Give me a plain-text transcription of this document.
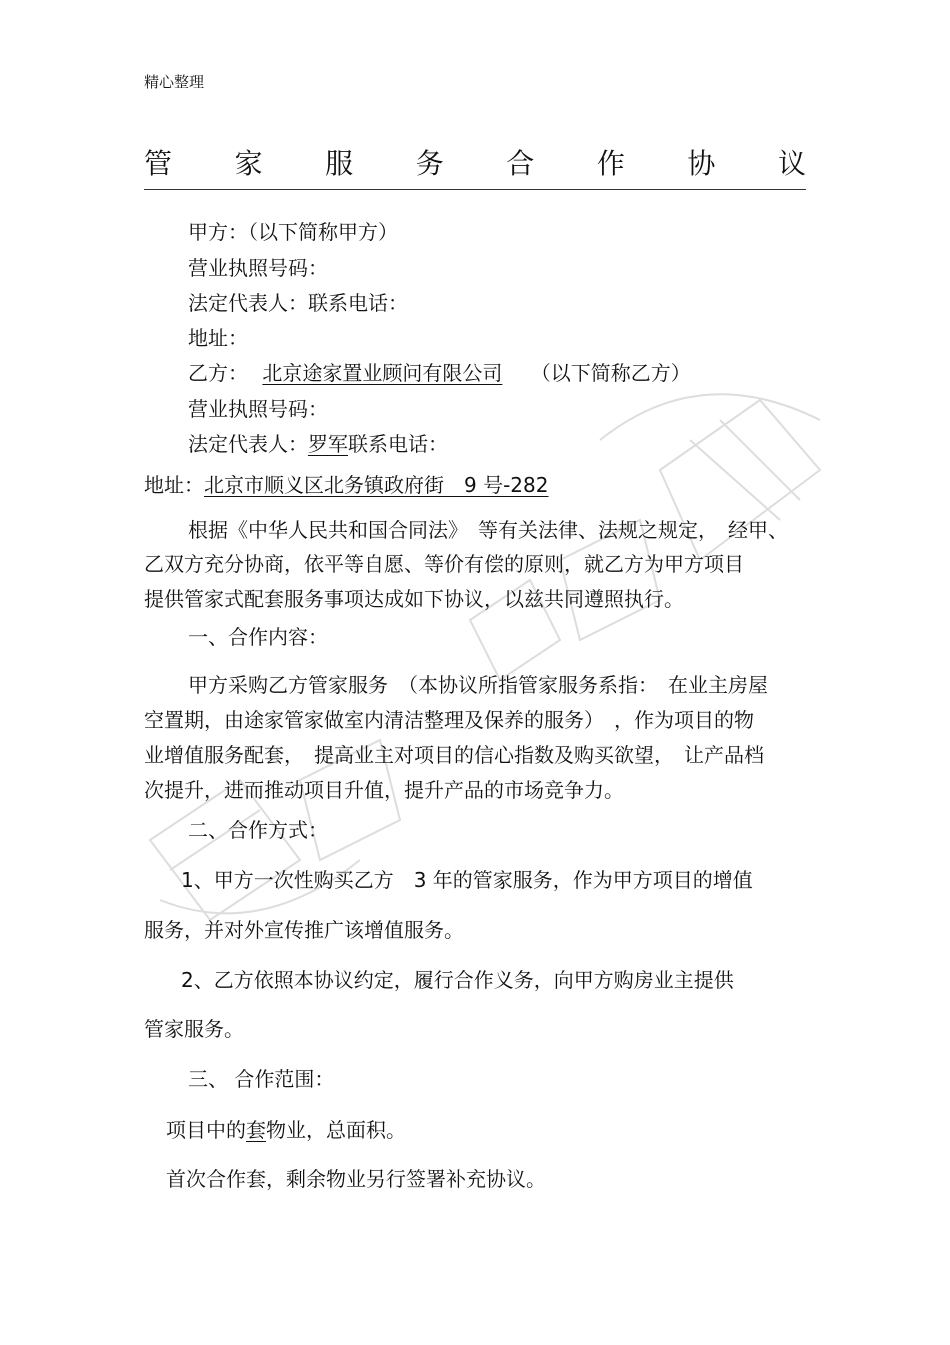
精心整理
管 家 服 务 合 作 协 议
甲方：（以下简称甲方）
营业执照号码：
法定代表人：联系电话：
地址：
乙方： 北京途家置业顾问有限公司 （以下简称乙方）
营业执照号码：
法定代表人：罗军联系电话：
地址：北京市顺义区北务镇政府街　9 号-282
根据《中华人民共和国合同法》　等有关法律、法规之规定，　经甲、
乙双方充分协商，依平等自愿、等价有偿的原则，就乙方为甲方项目
提供管家式配套服务事项达成如下协议，以兹共同遵照执行。
一、合作内容：
甲方采购乙方管家服务　（本协议所指管家服务系指：　在业主房屋
空置期，由途家管家做室内清洁整理及保养的服务）　，作为项目的物
业增值服务配套，　提高业主对项目的信心指数及购买欲望，　让产品档
次提升，进而推动项目升值，提升产品的市场竞争力。
二、合作方式：
1、甲方一次性购买乙方　3 年的管家服务，作为甲方项目的增值
服务，并对外宣传推广该增值服务。
2、乙方依照本协议约定，履行合作义务，向甲方购房业主提供
管家服务。
三、 合作范围：
项目中的套物业，总面积。
首次合作套，剩余物业另行签署补充协议。
